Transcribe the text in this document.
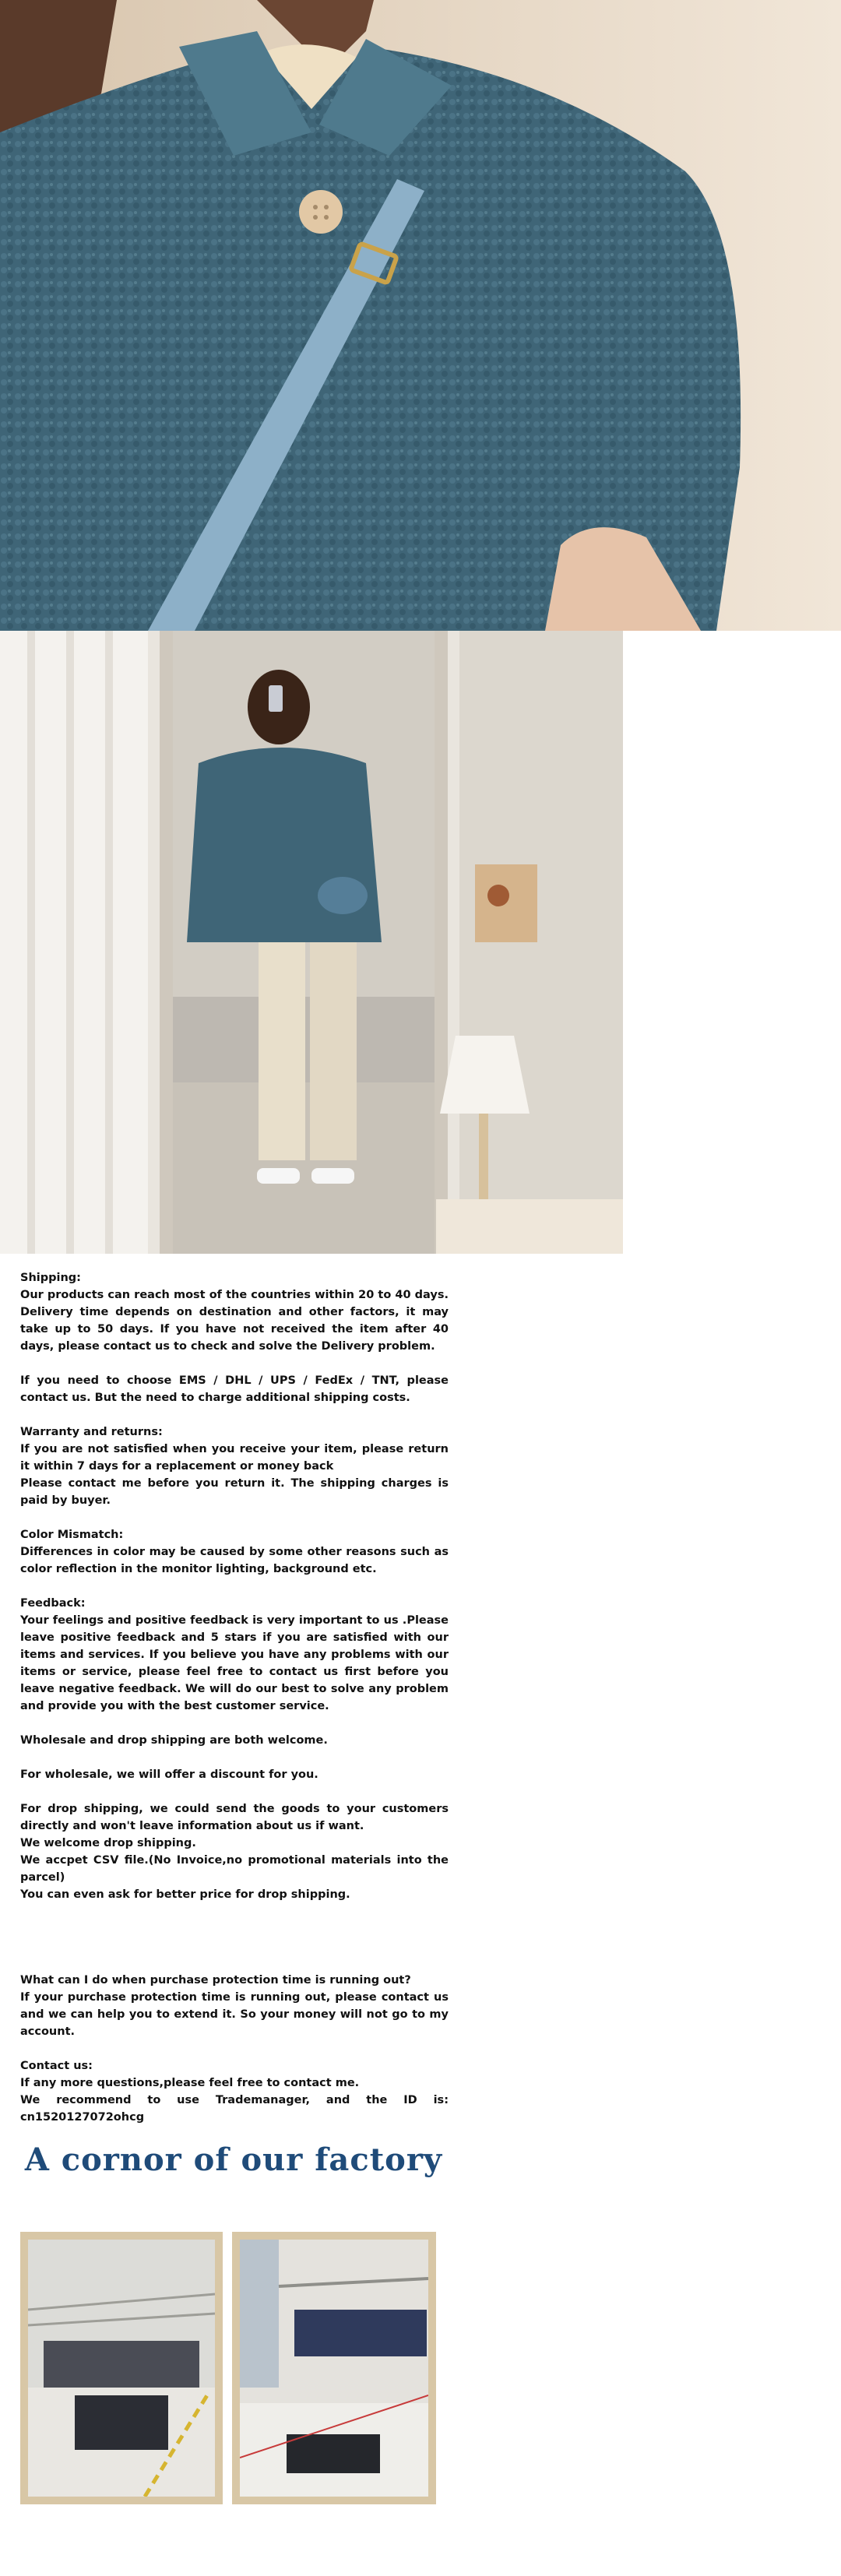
Shipping:

Our products can reach most of the countries within 20 to 40 days. Delivery time depends on destination and other factors, it may take up to 50 days. If you have not received the item after 40 days, please contact us to check and solve the Delivery problem.

If you need to choose EMS / DHL / UPS / FedEx / TNT, please contact us. But the need to charge additional shipping costs.

Warranty and returns:

If you are not satisfied when you receive your item, please return it within 7 days for a replacement or money back

Please contact me before you return it. The shipping charges is paid by buyer.

Color Mismatch:

Differences in color may be caused by some other reasons such as color reflection in the monitor lighting, background etc.

Feedback:

Your feelings and positive feedback is very important to us .Please leave positive feedback and 5 stars if you are satisfied with our items and services. If you believe you have any problems with our items or service, please feel free to contact us first before you leave negative feedback. We will do our best to solve any problem and provide you with the best customer service.

Wholesale and drop shipping are both welcome.

For wholesale, we will offer a discount for you.

For drop shipping, we could send the goods to your customers directly and won't leave information about us if want.

We welcome drop shipping.

We accpet CSV file.(No Invoice,no promotional materials into the parcel)

You can even ask for better price for drop shipping.

What can I do when purchase protection time is running out?

If your purchase protection time is running out, please contact us and we can help you to extend it. So your money will not go to my account.

Contact us:

If any more questions,please feel free to contact me.

We recommend to use Trademanager, and the ID is: cn1520127072ohcg

A cornor of our factory
